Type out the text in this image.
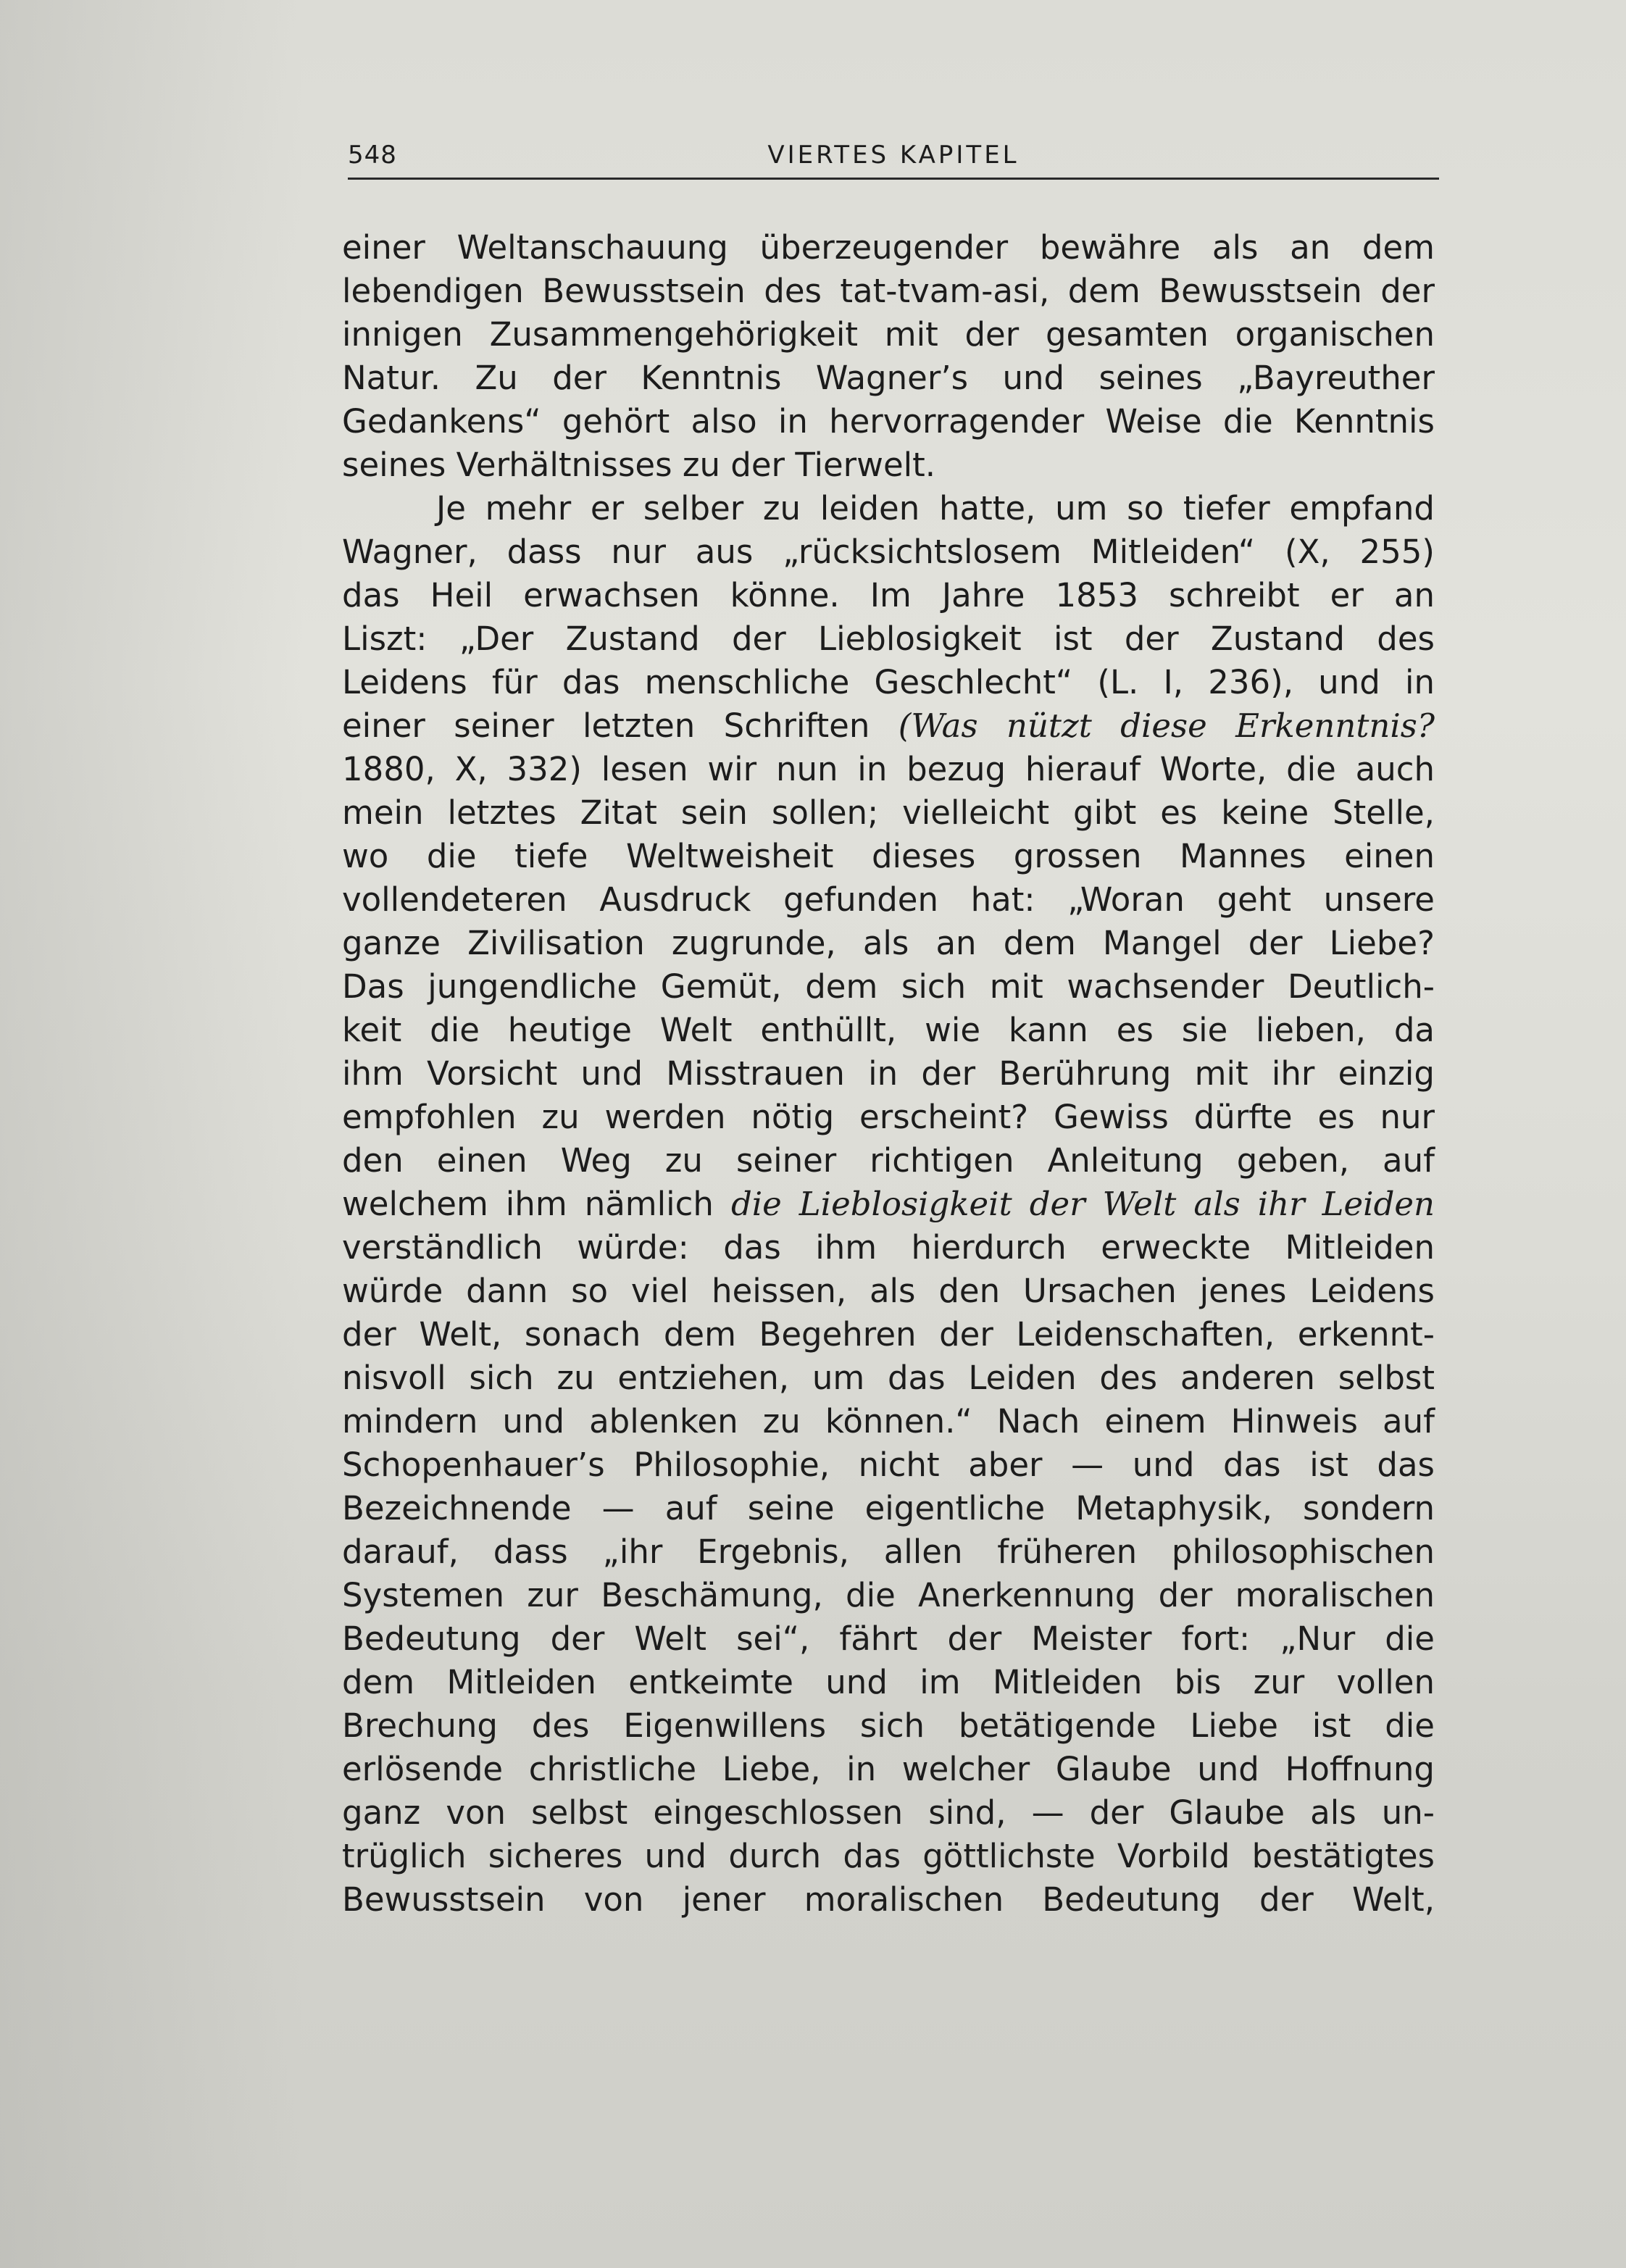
548	VIERTES KAPITEL
einer Weltanschauung überzeugender bewähre als an dem
lebendigen Bewusstsein des tat-tvam-asi, dem Bewusstsein der
innigen Zusammengehörigkeit mit der gesamten organischen
Natur. Zu der Kenntnis Wagner’s und seines „Bayreuther
Gedankens“ gehört also in hervorragender Weise die Kenntnis
seines Verhältnisses zu der Tierwelt.
Je mehr er selber zu leiden hatte, um so tiefer empfand
Wagner, dass nur aus „rücksichtslosem Mitleiden“ (X, 255)
das Heil erwachsen könne. Im Jahre 1853 schreibt er an
Liszt: „Der Zustand der Lieblosigkeit ist der Zustand des
Leidens für das menschliche Geschlecht“ (L. I, 236), und in
einer seiner letzten Schriften (Was nützt diese Erkenntnis?
1880, X, 332) lesen wir nun in bezug hierauf Worte, die auch
mein letztes Zitat sein sollen; vielleicht gibt es keine Stelle,
wo die tiefe Weltweisheit dieses grossen Mannes einen
vollendeteren Ausdruck gefunden hat: „Woran geht unsere
ganze Zivilisation zugrunde, als an dem Mangel der Liebe?
Das jungendliche Gemüt, dem sich mit wachsender Deutlich-
keit die heutige Welt enthüllt, wie kann es sie lieben, da
ihm Vorsicht und Misstrauen in der Berührung mit ihr einzig
empfohlen zu werden nötig erscheint? Gewiss dürfte es nur
den einen Weg zu seiner richtigen Anleitung geben, auf
welchem ihm nämlich die Lieblosigkeit der Welt als ihr Leiden
verständlich würde: das ihm hierdurch erweckte Mitleiden
würde dann so viel heissen, als den Ursachen jenes Leidens
der Welt, sonach dem Begehren der Leidenschaften, erkennt-
nisvoll sich zu entziehen, um das Leiden des anderen selbst
mindern und ablenken zu können.“ Nach einem Hinweis auf
Schopenhauer’s Philosophie, nicht aber — und das ist das
Bezeichnende — auf seine eigentliche Metaphysik, sondern
darauf, dass „ihr Ergebnis, allen früheren philosophischen
Systemen zur Beschämung, die Anerkennung der moralischen
Bedeutung der Welt sei“, fährt der Meister fort: „Nur die
dem Mitleiden entkeimte und im Mitleiden bis zur vollen
Brechung des Eigenwillens sich betätigende Liebe ist die
erlösende christliche Liebe, in welcher Glaube und Hoffnung
ganz von selbst eingeschlossen sind, — der Glaube als un-
trüglich sicheres und durch das göttlichste Vorbild bestätigtes
Bewusstsein von jener moralischen Bedeutung der Welt,
